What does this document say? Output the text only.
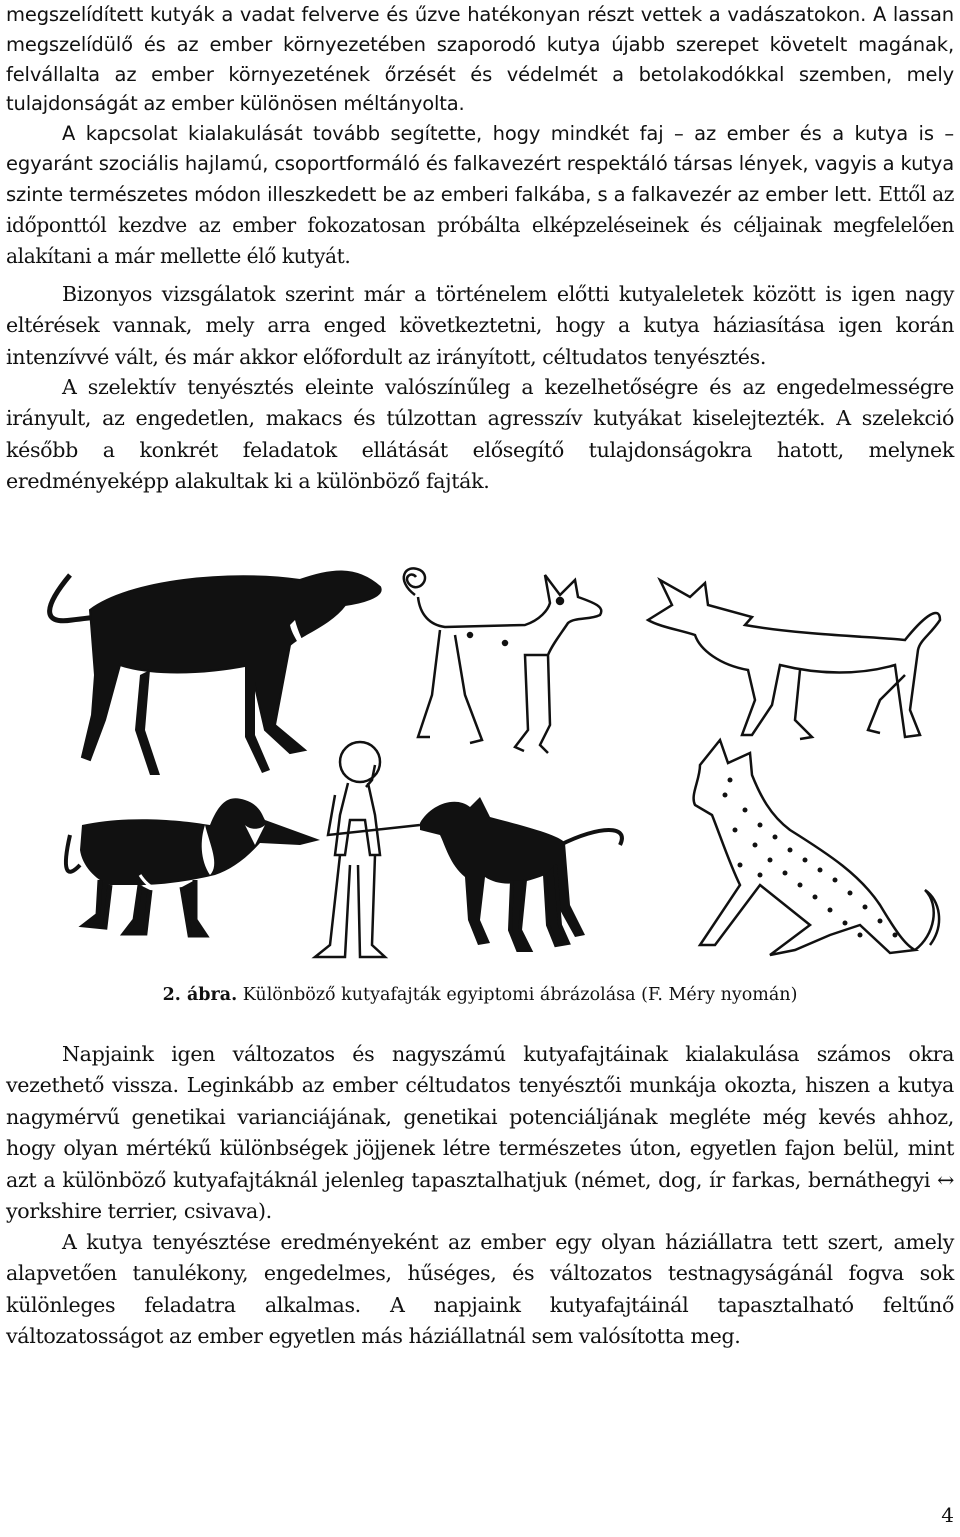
megszelídített kutyák a vadat felverve és űzve hatékonyan részt vettek a vadászatokon. A lassan megszelídülő és az ember környezetében szaporodó kutya újabb szerepet követelt magának, felvállalta az ember környezetének őrzését és védelmét a betolakodókkal szemben, mely tulajdonságát az ember különösen méltányolta.

A kapcsolat kialakulását tovább segítette, hogy mindkét faj – az ember és a kutya is – egyaránt szociális hajlamú, csoportformáló és falkavezért respektáló társas lények, vagyis a kutya szinte természetes módon illeszkedett be az emberi falkába, s a falkavezér az ember lett. Ettől az időponttól kezdve az ember fokozatosan próbálta elképzeléseinek és céljainak megfelelően alakítani a már mellette élő kutyát.

Bizonyos vizsgálatok szerint már a történelem előtti kutyaleletek között is igen nagy eltérések vannak, mely arra enged következtetni, hogy a kutya háziasítása igen korán intenzívvé vált, és már akkor előfordult az irányított, céltudatos tenyésztés.

A szelektív tenyésztés eleinte valószínűleg a kezelhetőségre és az engedelmességre irányult, az engedetlen, makacs és túlzottan agresszív kutyákat kiselejtezték. A szelekció később a konkrét feladatok ellátását elősegítő tulajdonságokra hatott, melynek eredményeképp alakultak ki a különböző fajták.

2. ábra. Különböző kutyafajták egyiptomi ábrázolása (F. Méry nyomán)

Napjaink igen változatos és nagyszámú kutyafajtáinak kialakulása számos okra vezethető vissza. Leginkább az ember céltudatos tenyésztői munkája okozta, hiszen a kutya nagymérvű genetikai varianciájának, genetikai potenciáljának megléte még kevés ahhoz, hogy olyan mértékű különbségek jöjjenek létre természetes úton, egyetlen fajon belül, mint azt a különböző kutyafajtáknál jelenleg tapasztalhatjuk (német, dog, ír farkas, bernáthegyi ↔ yorkshire terrier, csivava).

A kutya tenyésztése eredményeként az ember egy olyan háziállatra tett szert, amely alapvetően tanulékony, engedelmes, hűséges, és változatos testnagyságánál fogva sok különleges feladatra alkalmas. A napjaink kutyafajtáinál tapasztalható feltűnő változatosságot az ember egyetlen más háziállatnál sem valósította meg.

4
